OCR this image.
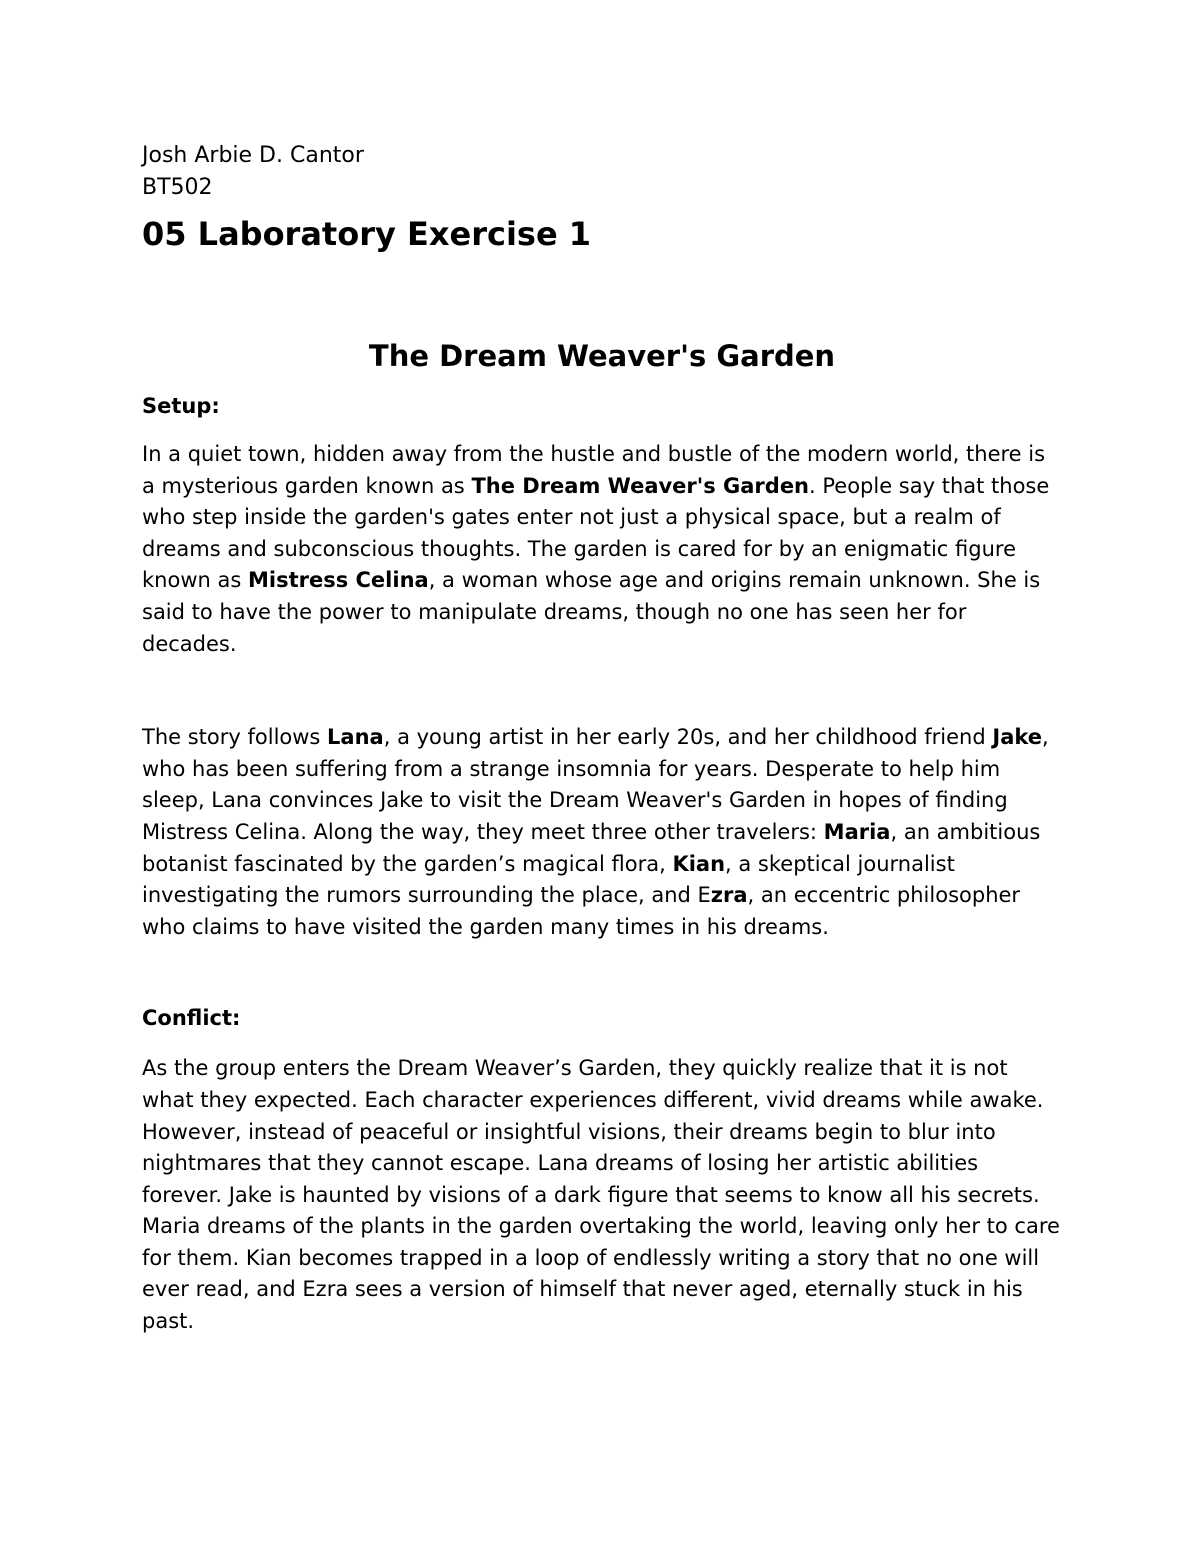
Josh Arbie D. Cantor

BT502

05 Laboratory Exercise 1
The Dream Weaver's Garden
Setup:

In a quiet town, hidden away from the hustle and bustle of the modern world, there is a mysterious garden known as The Dream Weaver's Garden. People say that those who step inside the garden's gates enter not just a physical space, but a realm of dreams and subconscious thoughts. The garden is cared for by an enigmatic figure known as Mistress Celina, a woman whose age and origins remain unknown. She is said to have the power to manipulate dreams, though no one has seen her for decades.

The story follows Lana, a young artist in her early 20s, and her childhood friend Jake, who has been suffering from a strange insomnia for years. Desperate to help him sleep, Lana convinces Jake to visit the Dream Weaver's Garden in hopes of finding Mistress Celina. Along the way, they meet three other travelers: Maria, an ambitious botanist fascinated by the garden’s magical flora, Kian, a skeptical journalist investigating the rumors surrounding the place, and Ezra, an eccentric philosopher who claims to have visited the garden many times in his dreams.

Conflict:

As the group enters the Dream Weaver’s Garden, they quickly realize that it is not what they expected. Each character experiences different, vivid dreams while awake. However, instead of peaceful or insightful visions, their dreams begin to blur into nightmares that they cannot escape. Lana dreams of losing her artistic abilities forever. Jake is haunted by visions of a dark figure that seems to know all his secrets. Maria dreams of the plants in the garden overtaking the world, leaving only her to care for them. Kian becomes trapped in a loop of endlessly writing a story that no one will ever read, and Ezra sees a version of himself that never aged, eternally stuck in his past.
